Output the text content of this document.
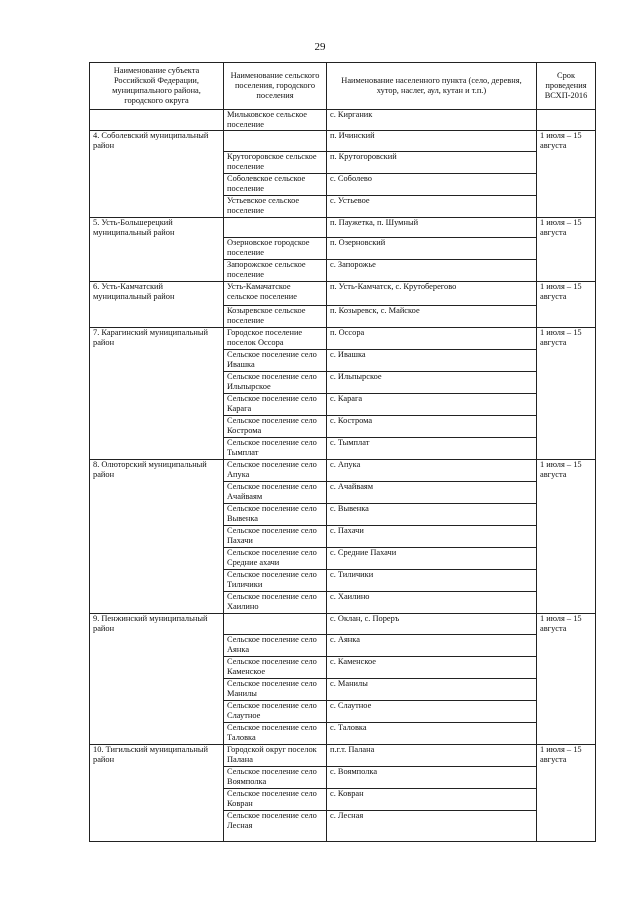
29
Наименование субъекта Российской Федерации, муниципального района, городского округа	Наименование сельского поселения, городского поселения	Наименование населенного пункта (село, деревня, хутор, наслег, аул, кутан и т.п.)	Срок проведения ВСХП-2016
	Мильковское сельское поселение	с. Кирганик	
4. Соболевский муниципальный район		п. Ичинский	1 июля – 15 августа
	Крутогоровское сельское поселение	п. Крутогоровский	
	Соболевское сельское поселение	с. Соболево	
	Устьевское сельское поселение	с. Устьевое	
5. Усть-Большерецкий муниципальный район		п. Паужетка, п. Шумный	1 июля – 15 августа
	Озерновское городское поселение	п. Озерновский	
	Запорожское сельское поселение	с. Запорожье	
6. Усть-Камчатский муниципальный район	Усть-Камачатское сельское поселение	п. Усть-Камчатск, с. Крутоберегово	1 июля – 15 августа
	Козыревское сельское поселение	п. Козыревск, с. Майское	
7. Карагинский муниципальный район	Городское поселение поселок Оссора	п. Оссора	1 июля – 15 августа
	Сельское поселение село Ивашка	с. Ивашка	
	Сельское поселение село Ильпырское	с. Ильпырское	
	Сельское поселение село Карага	с. Карага	
	Сельское поселение село Кострома	с. Кострома	
	Сельское поселение село Тымплат	с. Тымплат	
8. Олюторский муниципальный район	Сельское поселение село Апука	с. Апука	1 июля – 15 августа
	Сельское поселение село Ачайваям	с. Ачайваям	
	Сельское поселение село Вывенка	с. Вывенка	
	Сельское поселение село Пахачи	с. Пахачи	
	Сельское поселение село Средние ахачи	с. Средние Пахачи	
	Сельское поселение село Тиличики	с. Тиличики	
	Сельское поселение село Хаилино	с. Хаилино	
9. Пенжинский муниципальный район		с. Оклан, с. Пореръ	1 июля – 15 августа
	Сельское поселение село Аянка	с. Аянка	
	Сельское поселение село Каменское	с. Каменское	
	Сельское поселение село Манилы	с. Манилы	
	Сельское поселение село Слаутное	с. Слаутное	
	Сельское поселение село Таловка	с. Таловка	
10. Тигильский муниципальный район	Городской округ поселок Палана	п.г.т. Палана	1 июля – 15 августа
	Сельское поселение село Воямполка	с. Воямполка	
	Сельское поселение село Ковран	с. Ковран	
	Сельское поселение село Лесная	с. Лесная	
